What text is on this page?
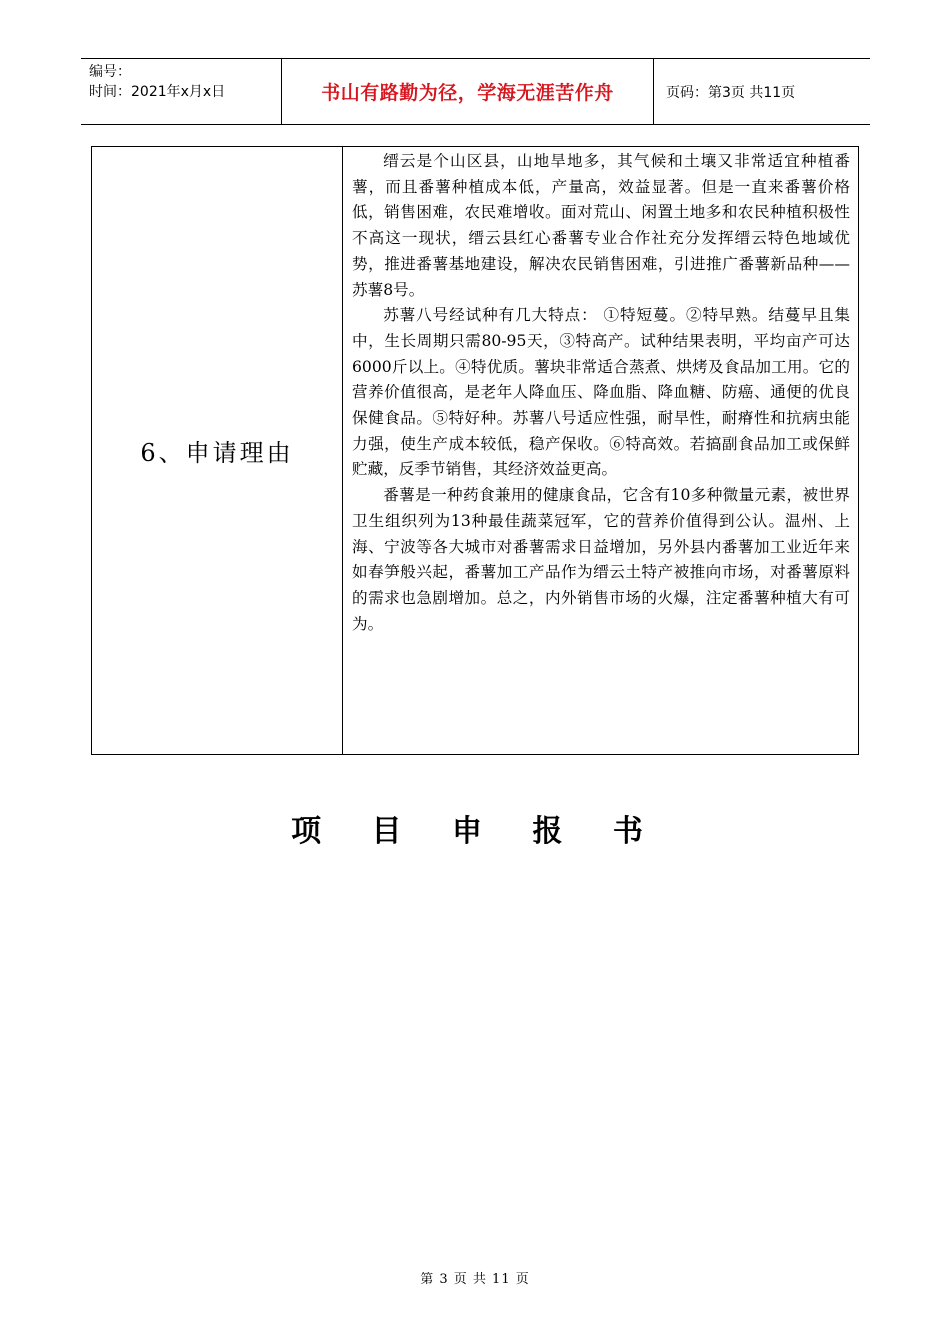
编号：
时间：2021年x月x日	书山有路勤为径，学海无涯苦作舟	页码：第3页 共11页
6、申请理由

缙云是个山区县，山地旱地多，其气候和土壤又非常适宜种植番薯，而且番薯种植成本低，产量高，效益显著。但是一直来番薯价格低，销售困难，农民难增收。面对荒山、闲置土地多和农民种植积极性不高这一现状，缙云县红心番薯专业合作社充分发挥缙云特色地域优势，推进番薯基地建设，解决农民销售困难，引进推广番薯新品种——苏薯8号。

苏薯八号经试种有几大特点： ①特短蔓。②特早熟。结蔓早且集中，生长周期只需80-95天，③特高产。试种结果表明，平均亩产可达6000斤以上。④特优质。薯块非常适合蒸煮、烘烤及食品加工用。它的营养价值很高，是老年人降血压、降血脂、降血糖、防癌、通便的优良保健食品。⑤特好种。苏薯八号适应性强，耐旱性，耐瘠性和抗病虫能力强，使生产成本较低，稳产保收。⑥特高效。若搞副食品加工或保鲜贮藏，反季节销售，其经济效益更高。

番薯是一种药食兼用的健康食品，它含有10多种微量元素，被世界卫生组织列为13种最佳蔬菜冠军，它的营养价值得到公认。温州、上海、宁波等各大城市对番薯需求日益增加，另外县内番薯加工业近年来如春笋般兴起，番薯加工产品作为缙云土特产被推向市场，对番薯原料的需求也急剧增加。总之，内外销售市场的火爆，注定番薯种植大有可为。

项 目 申 报 书
第 3 页 共 11 页
